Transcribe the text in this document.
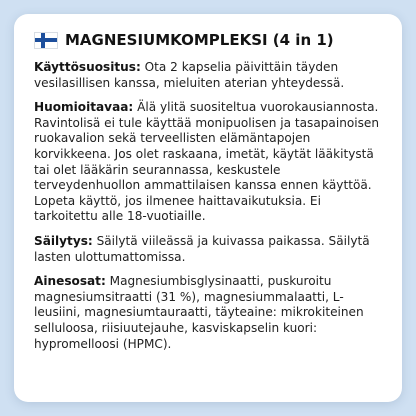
MAGNESIUMKOMPLEKSI (4 in 1)

Käyttösuositus: Ota 2 kapselia päivittäin täyden vesilasillisen kanssa, mieluiten aterian yhteydessä.

Huomioitavaa: Älä ylitä suositeltua vuorokausiannosta. Ravintolisä ei tule käyttää monipuolisen ja tasapainoisen ruokavalion sekä terveellisten elämäntapojen korvikkeena. Jos olet raskaana, imetät, käytät lääkitystä tai olet lääkärin seurannassa, keskustele terveydenhuollon ammattilaisen kanssa ennen käyttöä. Lopeta käyttö, jos ilmenee haittavaikutuksia. Ei tarkoitettu alle 18-vuotiaille.

Säilytys: Säilytä viileässä ja kuivassa paikassa. Säilytä lasten ulottumattomissa.

Ainesosat: Magnesiumbisglysinaatti, puskuroitu magnesiumsitraatti (31 %), magnesiummalaatti, L-leusiini, magnesiumtauraatti, täyteaine: mikrokiteinen selluloosa, riisiuutejauhe, kasviskapselin kuori: hypromelloosi (HPMC).
